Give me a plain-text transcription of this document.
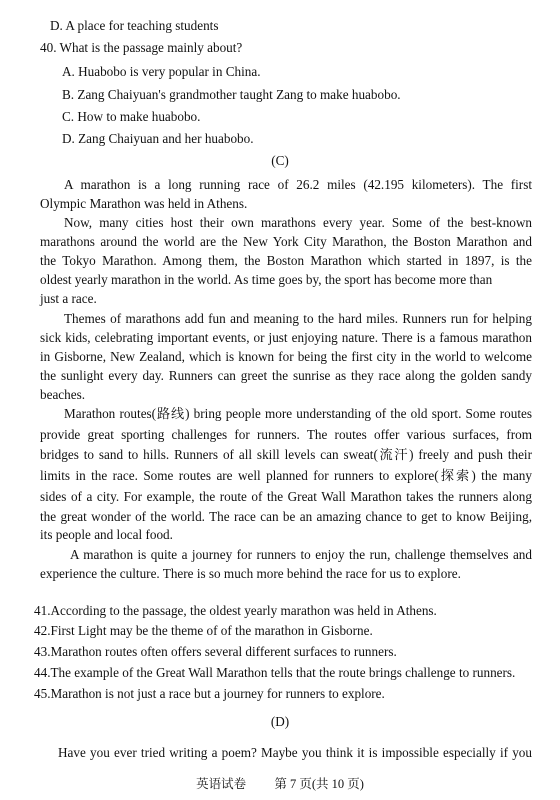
D. A place for teaching students
40. What is the passage mainly about?
A. Huabobo is very popular in China.
B. Zang Chaiyuan's grandmother taught Zang to make huabobo.
C. How to make huabobo.
D. Zang Chaiyuan and her huabobo.
(C)
A marathon is a long running race of 26.2 miles (42.195 kilometers). The first
Olympic Marathon was held in Athens.
Now, many cities host their own marathons every year. Some of the best-known
marathons around the world are the New York City Marathon, the Boston Marathon and
the Tokyo Marathon. Among them, the Boston Marathon which started in 1897, is the
oldest yearly marathon in the world. As time goes by, the sport has become more than
just a race.
Themes of marathons add fun and meaning to the hard miles. Runners run for helping
sick kids, celebrating important events, or just enjoying nature. There is a famous marathon
in Gisborne, New Zealand, which is known for being the first city in the world to welcome
the sunlight every day. Runners can greet the sunrise as they race along the golden sandy
beaches.
Marathon routes(路线) bring people more understanding of the old sport. Some routes
provide great sporting challenges for runners. The routes offer various surfaces, from
bridges to sand to hills. Runners of all skill levels can sweat(流汗) freely and push their
limits in the race. Some routes are well planned for runners to explore(探索) the many
sides of a city. For example, the route of the Great Wall Marathon takes the runners along
the great wonder of the world. The race can be an amazing chance to get to know Beijing,
its people and local food.
A marathon is quite a journey for runners to enjoy the run, challenge themselves and
experience the culture. There is so much more behind the race for us to explore.
41.According to the passage, the oldest yearly marathon was held in Athens.
42.First Light may be the theme of of the marathon in Gisborne.
43.Marathon routes often offers several different surfaces to runners.
44.The example of the Great Wall Marathon tells that the route brings challenge to runners.
45.Marathon is not just a race but a journey for runners to explore.
(D)
Have you ever tried writing a poem? Maybe you think it is impossible especially if you
英语试卷 第 7 页(共 10 页)
